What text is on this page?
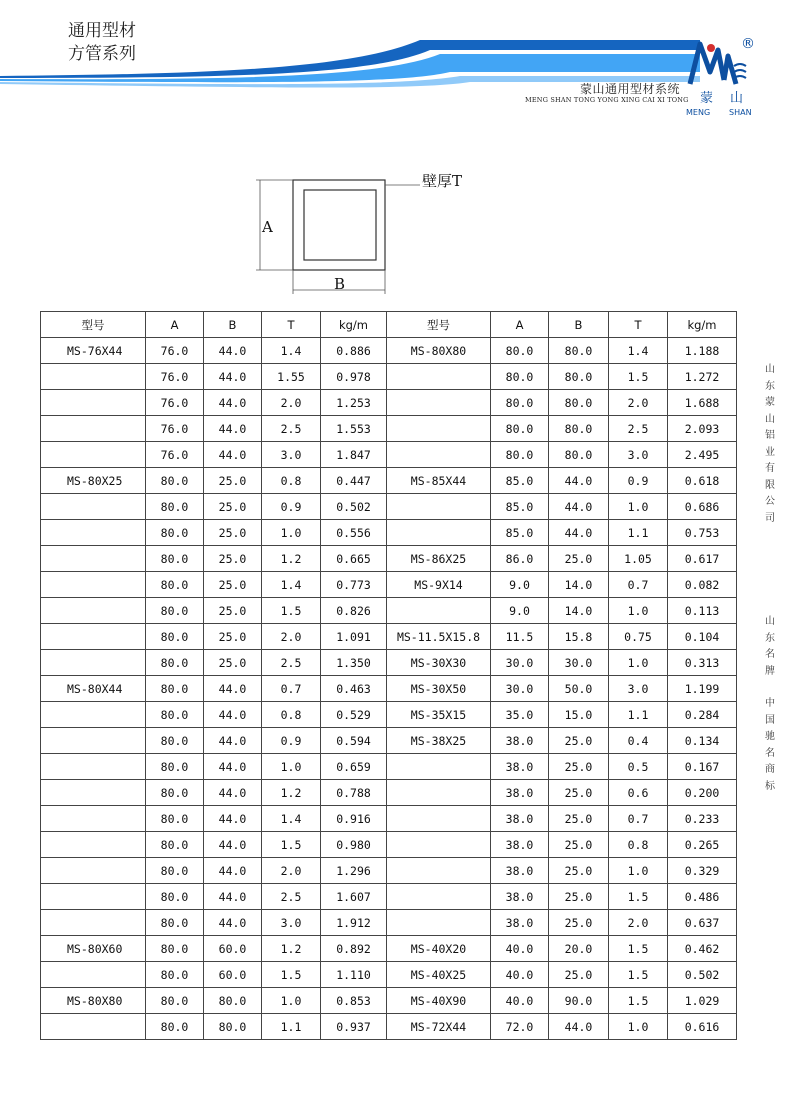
通用型材
方管系列
蒙山通用型材系统
MENG SHAN TONG YONG XING CAI XI TONG
®
蒙 山
MENG SHAN
A
B
壁厚T
型号	A	B	T	kg/m	型号	A	B	T	kg/m
MS-76X44	76.0	44.0	1.4	0.886	MS-80X80	80.0	80.0	1.4	1.188
	76.0	44.0	1.55	0.978		80.0	80.0	1.5	1.272
	76.0	44.0	2.0	1.253		80.0	80.0	2.0	1.688
	76.0	44.0	2.5	1.553		80.0	80.0	2.5	2.093
	76.0	44.0	3.0	1.847		80.0	80.0	3.0	2.495
MS-80X25	80.0	25.0	0.8	0.447	MS-85X44	85.0	44.0	0.9	0.618
	80.0	25.0	0.9	0.502		85.0	44.0	1.0	0.686
	80.0	25.0	1.0	0.556		85.0	44.0	1.1	0.753
	80.0	25.0	1.2	0.665	MS-86X25	86.0	25.0	1.05	0.617
	80.0	25.0	1.4	0.773	MS-9X14	9.0	14.0	0.7	0.082
	80.0	25.0	1.5	0.826		9.0	14.0	1.0	0.113
	80.0	25.0	2.0	1.091	MS-11.5X15.8	11.5	15.8	0.75	0.104
	80.0	25.0	2.5	1.350	MS-30X30	30.0	30.0	1.0	0.313
MS-80X44	80.0	44.0	0.7	0.463	MS-30X50	30.0	50.0	3.0	1.199
	80.0	44.0	0.8	0.529	MS-35X15	35.0	15.0	1.1	0.284
	80.0	44.0	0.9	0.594	MS-38X25	38.0	25.0	0.4	0.134
	80.0	44.0	1.0	0.659		38.0	25.0	0.5	0.167
	80.0	44.0	1.2	0.788		38.0	25.0	0.6	0.200
	80.0	44.0	1.4	0.916		38.0	25.0	0.7	0.233
	80.0	44.0	1.5	0.980		38.0	25.0	0.8	0.265
	80.0	44.0	2.0	1.296		38.0	25.0	1.0	0.329
	80.0	44.0	2.5	1.607		38.0	25.0	1.5	0.486
	80.0	44.0	3.0	1.912		38.0	25.0	2.0	0.637
MS-80X60	80.0	60.0	1.2	0.892	MS-40X20	40.0	20.0	1.5	0.462
	80.0	60.0	1.5	1.110	MS-40X25	40.0	25.0	1.5	0.502
MS-80X80	80.0	80.0	1.0	0.853	MS-40X90	40.0	90.0	1.5	1.029
	80.0	80.0	1.1	0.937	MS-72X44	72.0	44.0	1.0	0.616
山东蒙山铝业有限公司
山东名牌
中国驰名商标
